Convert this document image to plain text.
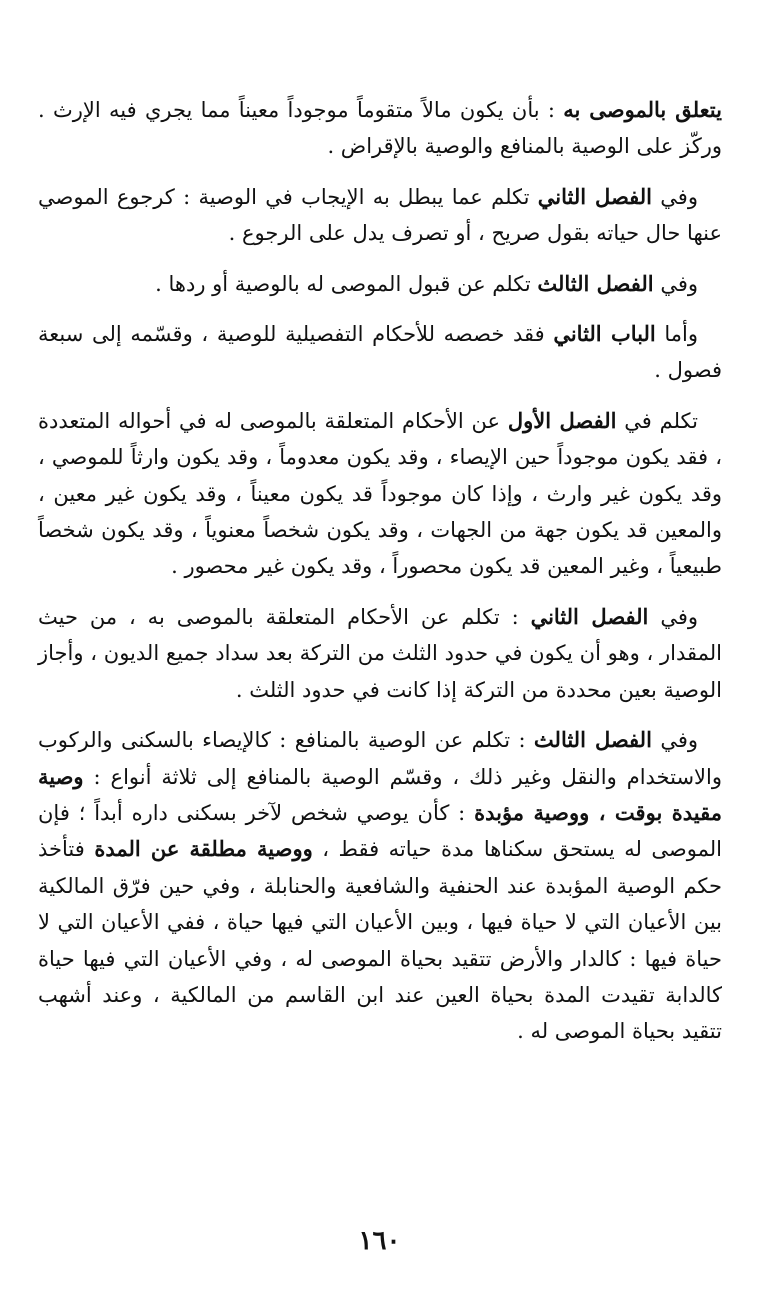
يتعلق بالموصى به : بأن يكون مالاً متقوماً موجوداً معيناً مما يجري فيه الإرث . وركّز على الوصية بالمنافع والوصية بالإقراض .

وفي الفصل الثاني تكلم عما يبطل به الإيجاب في الوصية : كرجوع الموصي عنها حال حياته بقول صريح ، أو تصرف يدل على الرجوع .

وفي الفصل الثالث تكلم عن قبول الموصى له بالوصية أو ردها .

وأما الباب الثاني فقد خصصه للأحكام التفصيلية للوصية ، وقسّمه إلى سبعة فصول .

تكلم في الفصل الأول عن الأحكام المتعلقة بالموصى له في أحواله المتعددة ، فقد يكون موجوداً حين الإيصاء ، وقد يكون معدوماً ، وقد يكون وارثاً للموصي ، وقد يكون غير وارث ، وإذا كان موجوداً قد يكون معيناً ، وقد يكون غير معين ، والمعين قد يكون جهة من الجهات ، وقد يكون شخصاً معنوياً ، وقد يكون شخصاً طبيعياً ، وغير المعين قد يكون محصوراً ، وقد يكون غير محصور .

وفي الفصل الثاني : تكلم عن الأحكام المتعلقة بالموصى به ، من حيث المقدار ، وهو أن يكون في حدود الثلث من التركة بعد سداد جميع الديون ، وأجاز الوصية بعين محددة من التركة إذا كانت في حدود الثلث .

وفي الفصل الثالث : تكلم عن الوصية بالمنافع : كالإيصاء بالسكنى والركوب والاستخدام والنقل وغير ذلك ، وقسّم الوصية بالمنافع إلى ثلاثة أنواع : وصية مقيدة بوقت ، ووصية مؤبدة : كأن يوصي شخص لآخر بسكنى داره أبداً ؛ فإن الموصى له يستحق سكناها مدة حياته فقط ، ووصية مطلقة عن المدة فتأخذ حكم الوصية المؤبدة عند الحنفية والشافعية والحنابلة ، وفي حين فرّق المالكية بين الأعيان التي لا حياة فيها ، وبين الأعيان التي فيها حياة ، ففي الأعيان التي لا حياة فيها : كالدار والأرض تتقيد بحياة الموصى له ، وفي الأعيان التي فيها حياة كالدابة تقيدت المدة بحياة العين عند ابن القاسم من المالكية ، وعند أشهب تتقيد بحياة الموصى له .

١٦٠
